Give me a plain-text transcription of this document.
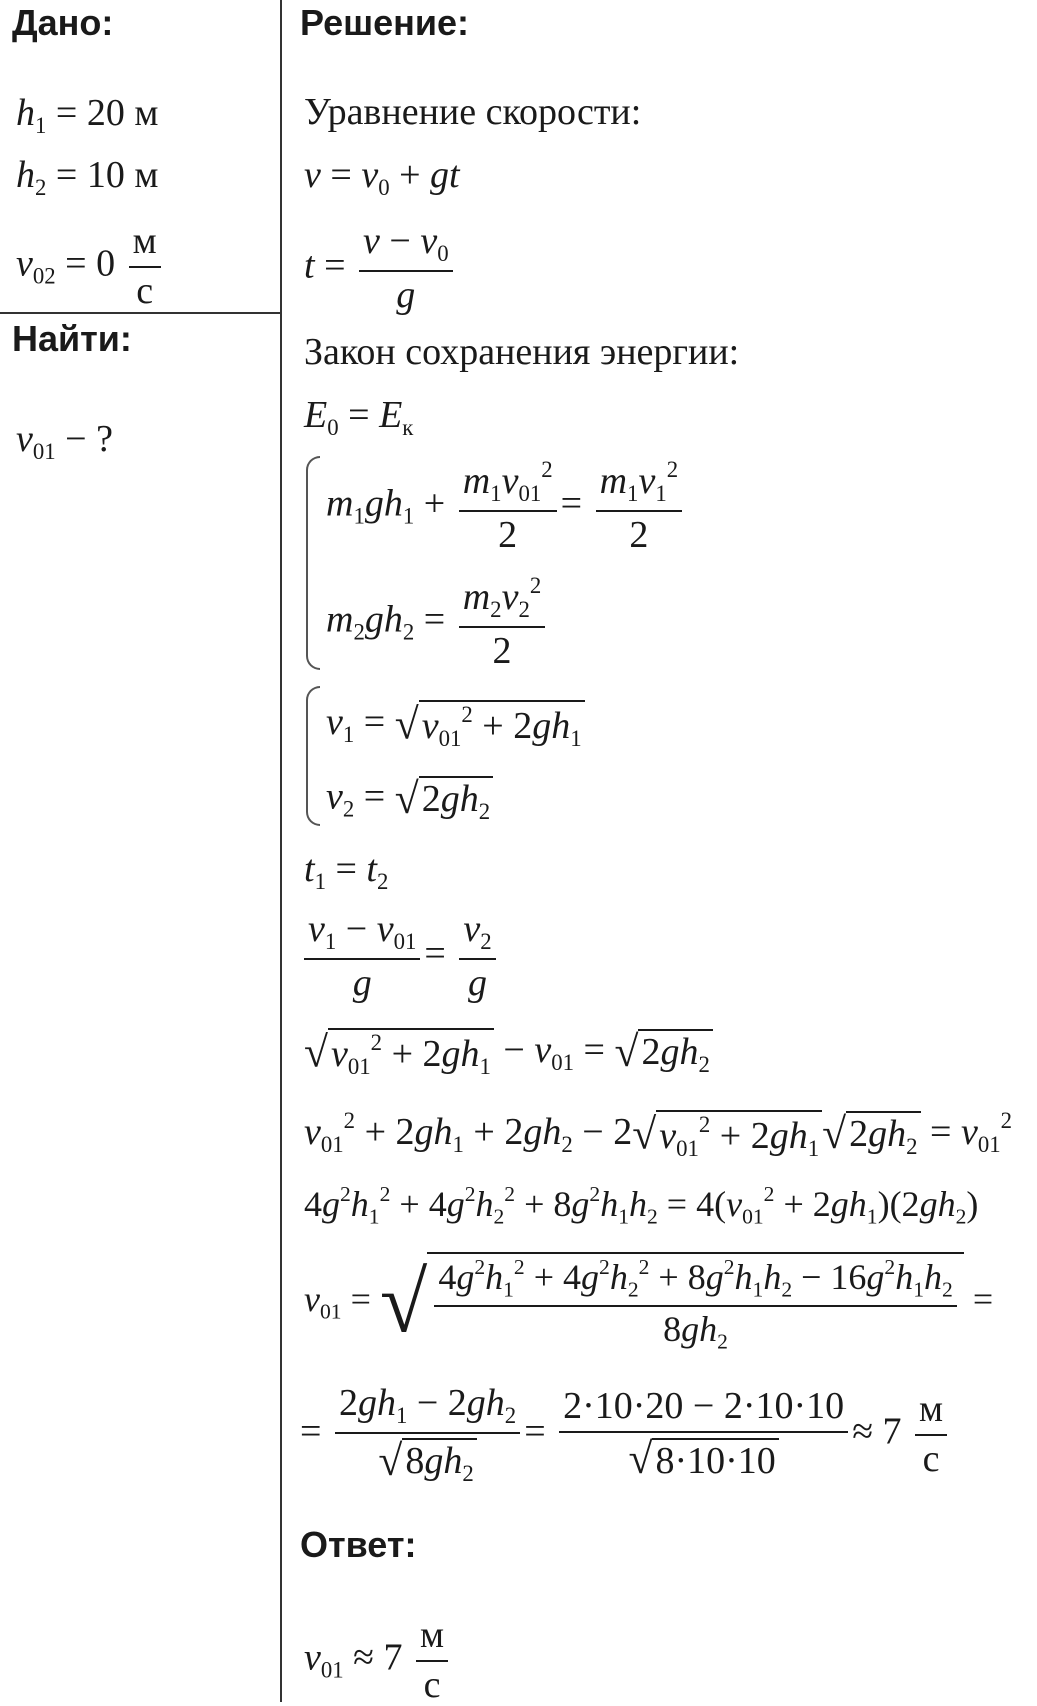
Дано:	Решение:
Найти:
Ответ:
$h_1 = 20$ м
$h_2 = 10$ м
$v_{02} = 0 \frac{м}{с}$
$v_{01}$ − ?
Уравнение скорости:
$v = v_0$ + gt
$t = \frac{v - v_0}{g}$
Закон сохранения энергии:
$E_0 = E_к$
$m_1gh_1 + \frac{m_1v_{01}^2}{2} = \frac{m_1v_1^2}{2}$
$m_2gh_2 = \frac{m_2v_2^2}{2}$
$v_1 = √v_{01}^2 + 2gh_1$
$v_2 = √2gh_2$
$t_1 = t_2$
$\frac{v_1 - v_{01}}{g} = \frac{v_2}{g}$
$√v_{01}^2 + 2gh_1 - v_{01} = √2gh_2$
$v_{01}^2 + 2gh_1 + 2gh_2 - 2√v_{01}^2 + 2gh_1√2gh_2 = v_{01}^2$
$4g^2h_1^2 + 4g^2h_2^2 + 8g^2h_1h_2 = 4(v_{01}^2 + 2gh_1)(2gh_2)$
$v_{01}$ = √ $\frac{4g^2h_1^2 + 4g^2h_2^2 + 8g^2h_1h_2 - 16g^2h_1h_2}{8gh_2}$ =
= $\frac{2gh_1 - 2gh_2}{√8gh_2} = \frac{2\cdot 10\cdot 20 - 2\cdot 10\cdot 10}{√8\cdot 10\cdot 10} \approx 7 \frac{м}{с}$
$v_{01} \approx 7 \frac{м}{с}$
